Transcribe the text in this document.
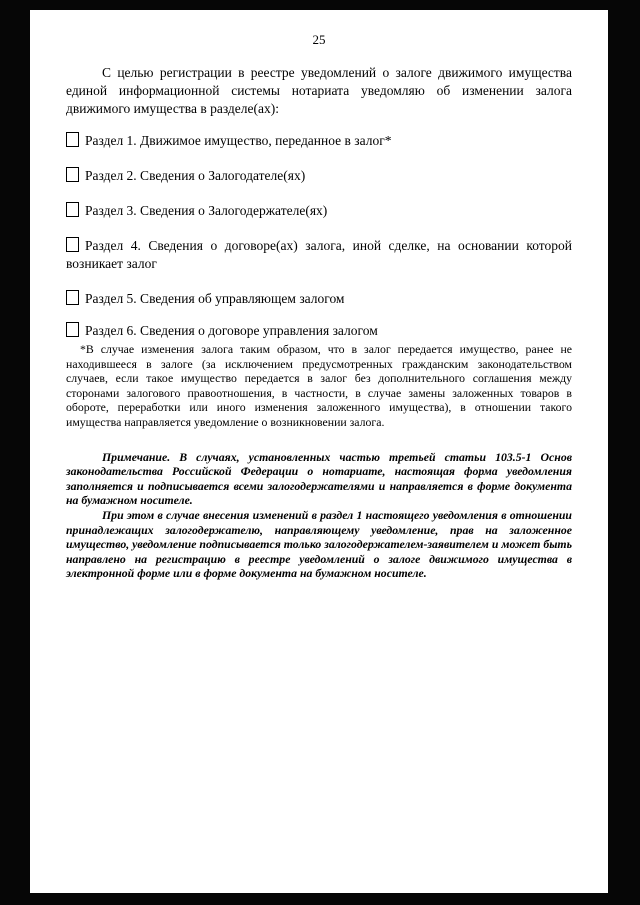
25

С целью регистрации в реестре уведомлений о залоге движимого имущества единой информационной системы нотариата уведомляю об изменении залога движимого имущества в разделе(ах):

Раздел 1. Движимое имущество, переданное в залог*
Раздел 2. Сведения о Залогодателе(ях)
Раздел 3. Сведения о Залогодержателе(ях)
Раздел 4. Сведения о договоре(ах) залога, иной сделке, на основании которой возникает залог
Раздел 5. Сведения об управляющем залогом
Раздел 6. Сведения о договоре управления залогом

*В случае изменения залога таким образом, что в залог передается имущество, ранее не находившееся в залоге (за исключением предусмотренных гражданским законодательством случаев, если такое имущество передается в залог без дополнительного соглашения между сторонами залогового правоотношения, в частности, в случае замены заложенных товаров в обороте, переработки или иного изменения заложенного имущества), в отношении такого имущества направляется уведомление о возникновении залога.

Примечание. В случаях, установленных частью третьей статьи 103.5-1 Основ законодательства Российской Федерации о нотариате, настоящая форма уведомления заполняется и подписывается всеми залогодержателями и направляется в форме документа на бумажном носителе.

При этом в случае внесения изменений в раздел 1 настоящего уведомления в отношении принадлежащих залогодержателю, направляющему уведомление, прав на заложенное имущество, уведомление подписывается только залогодержателем-заявителем и может быть направлено на регистрацию в реестре уведомлений о залоге движимого имущества в электронной форме или в форме документа на бумажном носителе.
